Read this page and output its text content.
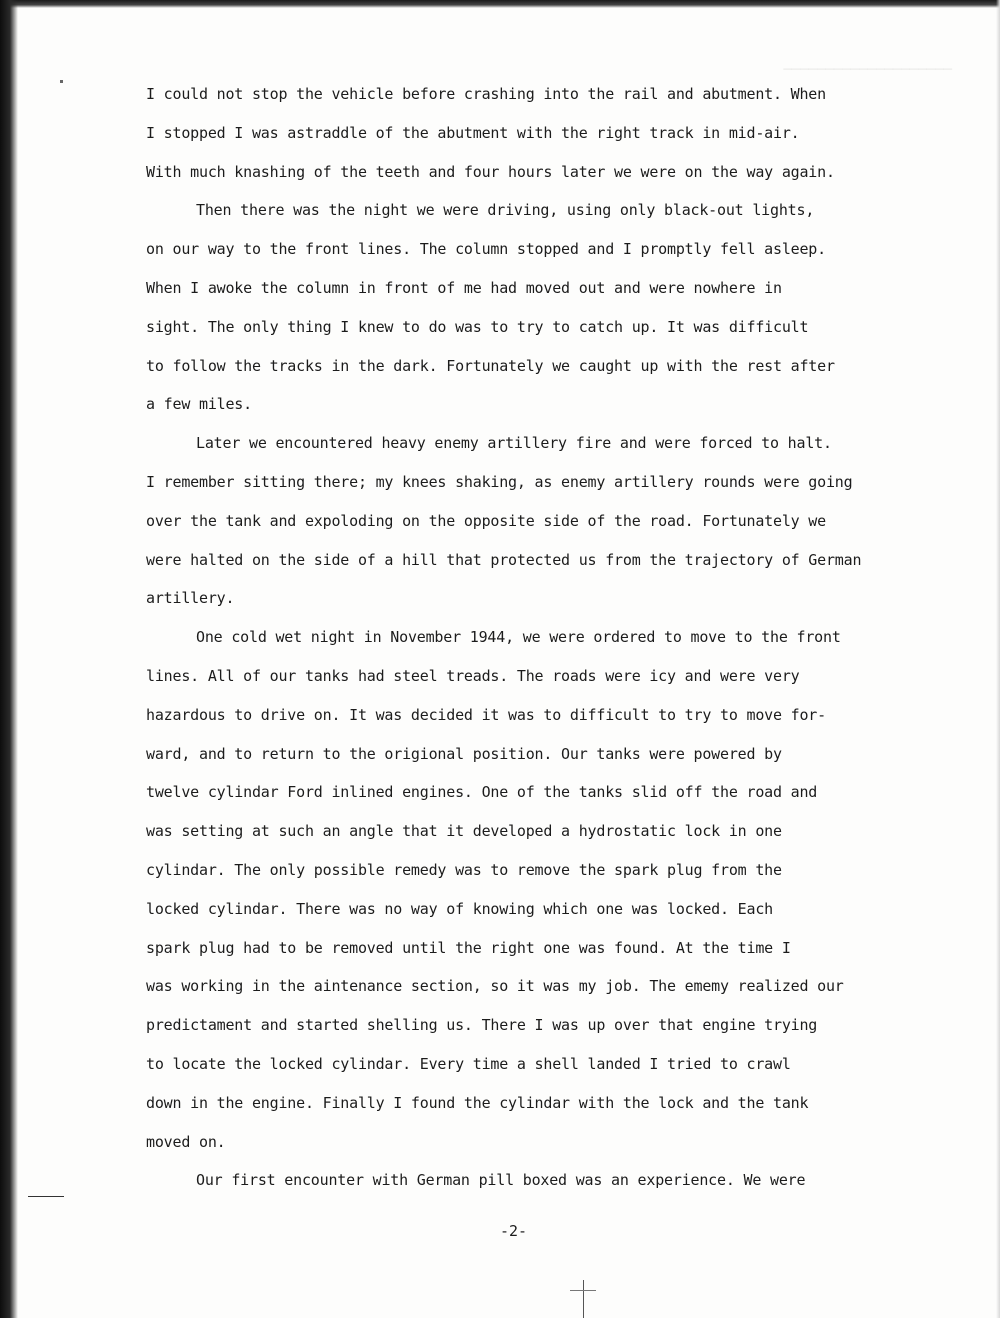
────────────────────
I could not stop the vehicle before crashing into the rail and abutment. When
I stopped I was astraddle of the abutment with the right track in mid-air.
With much knashing of the teeth and four hours later we were on the way again.
Then there was the night we were driving, using only black-out lights,
on our way to the front lines. The column stopped and I promptly fell asleep.
When I awoke the column in front of me had moved out and were nowhere in
sight. The only thing I knew to do was to try to catch up. It was difficult
to follow the tracks in the dark. Fortunately we caught up with the rest after
a few miles.
Later we encountered heavy enemy artillery fire and were forced to halt.
I remember sitting there; my knees shaking, as enemy artillery rounds were going
over the tank and expoloding on the opposite side of the road. Fortunately we
were halted on the side of a hill that protected us from the trajectory of German
artillery.
One cold wet night in November 1944, we were ordered to move to the front
lines. All of our tanks had steel treads. The roads were icy and were very
hazardous to drive on. It was decided it was to difficult to try to move for-
ward, and to return to the origional position. Our tanks were powered by
twelve cylindar Ford inlined engines. One of the tanks slid off the road and
was setting at such an angle that it developed a hydrostatic lock in one
cylindar. The only possible remedy was to remove the spark plug from the
locked cylindar. There was no way of knowing which one was locked. Each
spark plug had to be removed until the right one was found. At the time I
was working in the aintenance section, so it was my job. The ememy realized our
predictament and started shelling us. There I was up over that engine trying
to locate the locked cylindar. Every time a shell landed I tried to crawl
down in the engine. Finally I found the cylindar with the lock and the tank
moved on.
Our first encounter with German pill boxed was an experience. We were
-2-
